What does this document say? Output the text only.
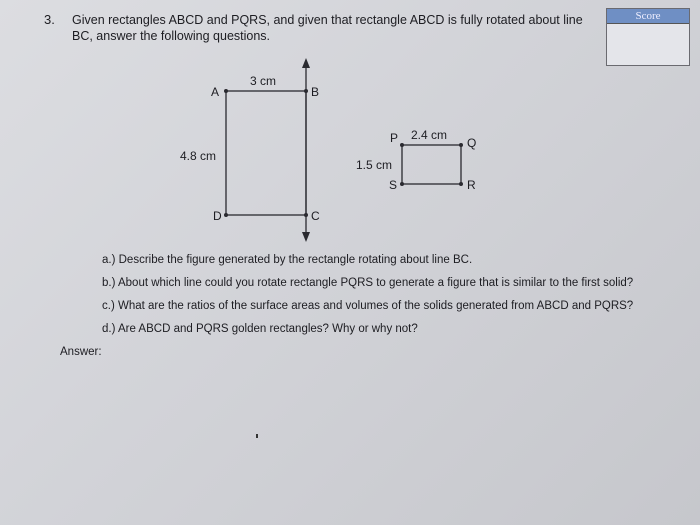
3. Given rectangles ABCD and PQRS, and given that rectangle ABCD is fully rotated about line BC, answer the following questions.
Score
A	B
C
D
3 cm
4.8 cm
P	Q
R
S
2.4 cm
1.5 cm
a.) Describe the figure generated by the rectangle rotating about line BC.
b.) About which line could you rotate rectangle PQRS to generate a figure that is similar to the first solid?
c.) What are the ratios of the surface areas and volumes of the solids generated from ABCD and PQRS?
d.) Are ABCD and PQRS golden rectangles? Why or why not?
Answer:
